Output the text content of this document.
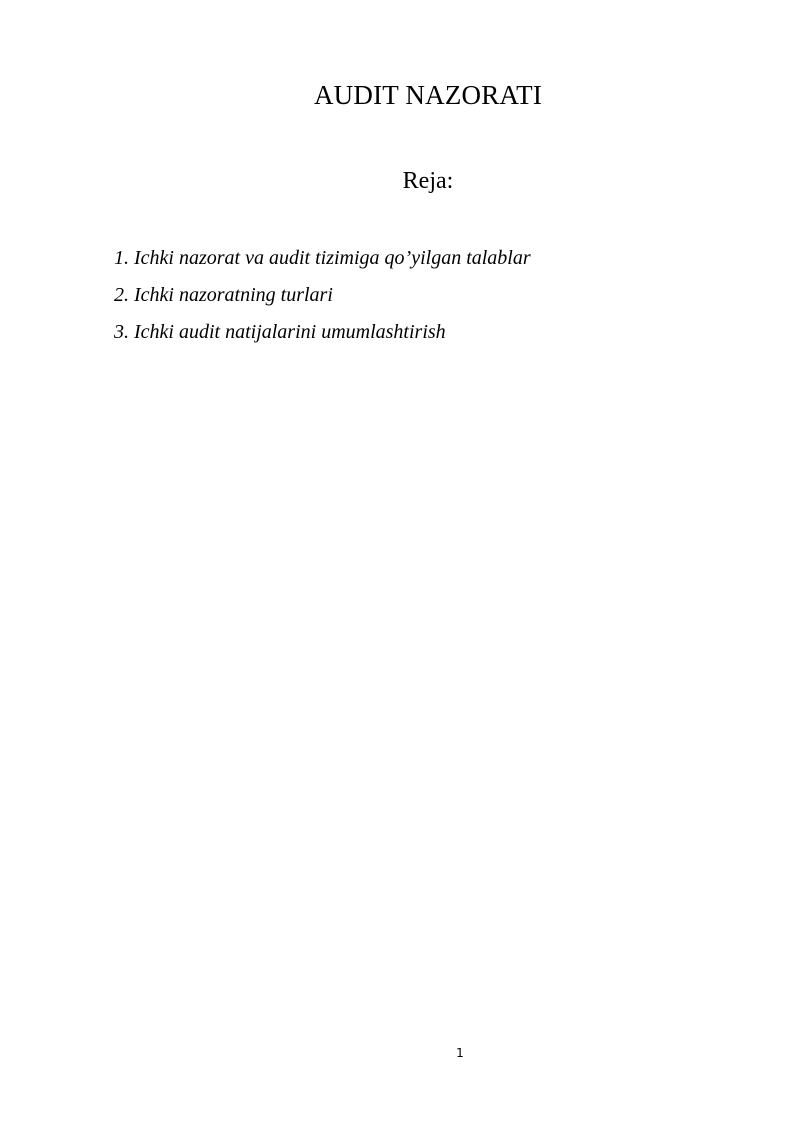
AUDIT NAZORATI
Reja:
1. Ichki nazorat va audit tizimiga qo’yilgan talablar
2. Ichki nazoratning turlari
3. Ichki audit natijalarini umumlashtirish
1
